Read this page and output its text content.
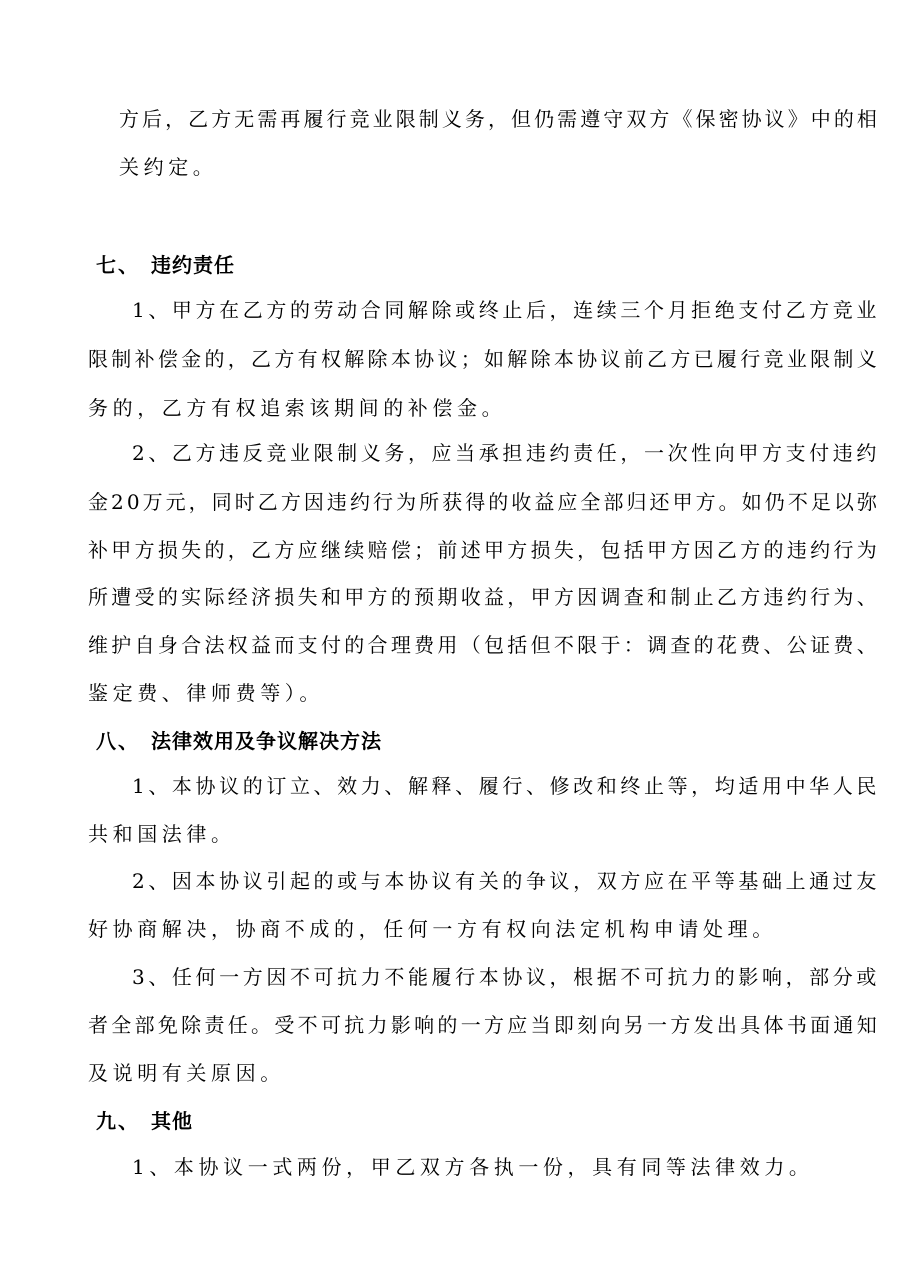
方后，乙方无需再履行竞业限制义务，但仍需遵守双方《保密协议》中的相
关约定。
七、 违约责任
1、甲方在乙方的劳动合同解除或终止后，连续三个月拒绝支付乙方竞业
限制补偿金的，乙方有权解除本协议；如解除本协议前乙方已履行竞业限制义
务的，乙方有权追索该期间的补偿金。
2、乙方违反竞业限制义务，应当承担违约责任，一次性向甲方支付违约
金20万元，同时乙方因违约行为所获得的收益应全部归还甲方。如仍不足以弥
补甲方损失的，乙方应继续赔偿；前述甲方损失，包括甲方因乙方的违约行为
所遭受的实际经济损失和甲方的预期收益，甲方因调查和制止乙方违约行为、
维护自身合法权益而支付的合理费用（包括但不限于：调查的花费、公证费、
鉴定费、律师费等）。
八、 法律效用及争议解决方法
1、本协议的订立、效力、解释、履行、修改和终止等，均适用中华人民
共和国法律。
2、因本协议引起的或与本协议有关的争议，双方应在平等基础上通过友
好协商解决，协商不成的，任何一方有权向法定机构申请处理。
3、任何一方因不可抗力不能履行本协议，根据不可抗力的影响，部分或
者全部免除责任。受不可抗力影响的一方应当即刻向另一方发出具体书面通知
及说明有关原因。
九、 其他
1、本协议一式两份，甲乙双方各执一份，具有同等法律效力。
